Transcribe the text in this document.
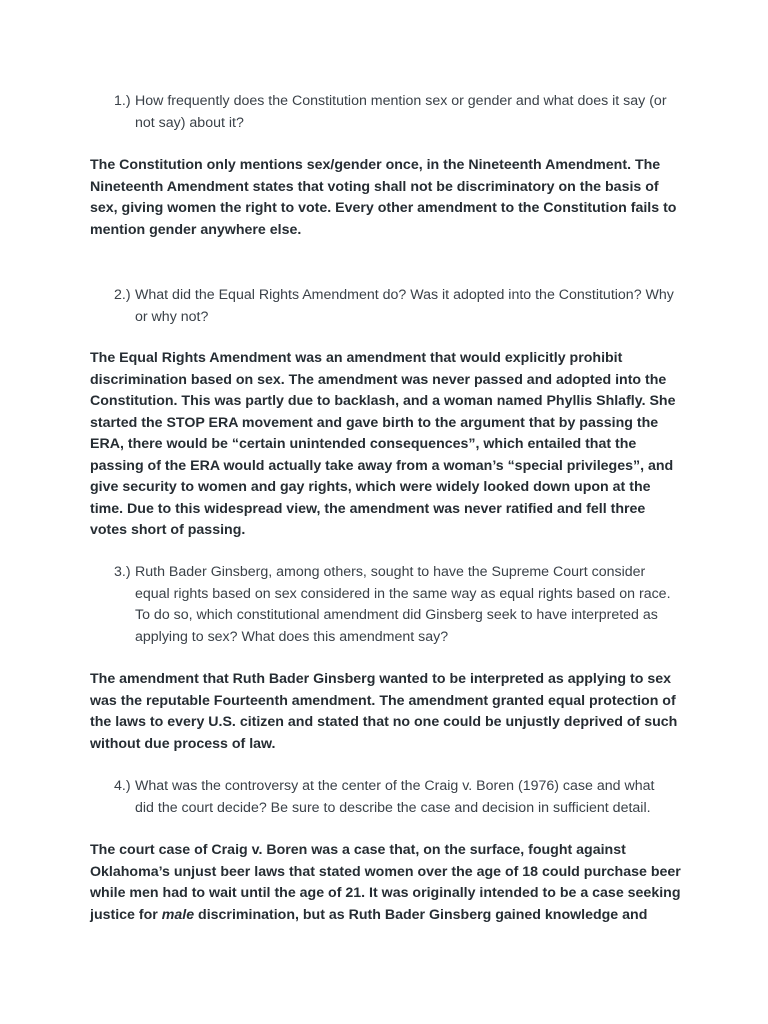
1.) How frequently does the Constitution mention sex or gender and what does it say (or not say) about it?
The Constitution only mentions sex/gender once, in the Nineteenth Amendment. The Nineteenth Amendment states that voting shall not be discriminatory on the basis of sex, giving women the right to vote. Every other amendment to the Constitution fails to mention gender anywhere else.
2.) What did the Equal Rights Amendment do? Was it adopted into the Constitution? Why or why not?
The Equal Rights Amendment was an amendment that would explicitly prohibit discrimination based on sex. The amendment was never passed and adopted into the Constitution. This was partly due to backlash, and a woman named Phyllis Shlafly. She started the STOP ERA movement and gave birth to the argument that by passing the ERA, there would be “certain unintended consequences”, which entailed that the passing of the ERA would actually take away from a woman’s “special privileges”, and give security to women and gay rights, which were widely looked down upon at the time. Due to this widespread view, the amendment was never ratified and fell three votes short of passing.
3.) Ruth Bader Ginsberg, among others, sought to have the Supreme Court consider equal rights based on sex considered in the same way as equal rights based on race. To do so, which constitutional amendment did Ginsberg seek to have interpreted as applying to sex? What does this amendment say?
The amendment that Ruth Bader Ginsberg wanted to be interpreted as applying to sex was the reputable Fourteenth amendment. The amendment granted equal protection of the laws to every U.S. citizen and stated that no one could be unjustly deprived of such without due process of law.
4.) What was the controversy at the center of the Craig v. Boren (1976) case and what did the court decide? Be sure to describe the case and decision in sufficient detail.
The court case of Craig v. Boren was a case that, on the surface, fought against Oklahoma’s unjust beer laws that stated women over the age of 18 could purchase beer while men had to wait until the age of 21. It was originally intended to be a case seeking justice for male discrimination, but as Ruth Bader Ginsberg gained knowledge and
